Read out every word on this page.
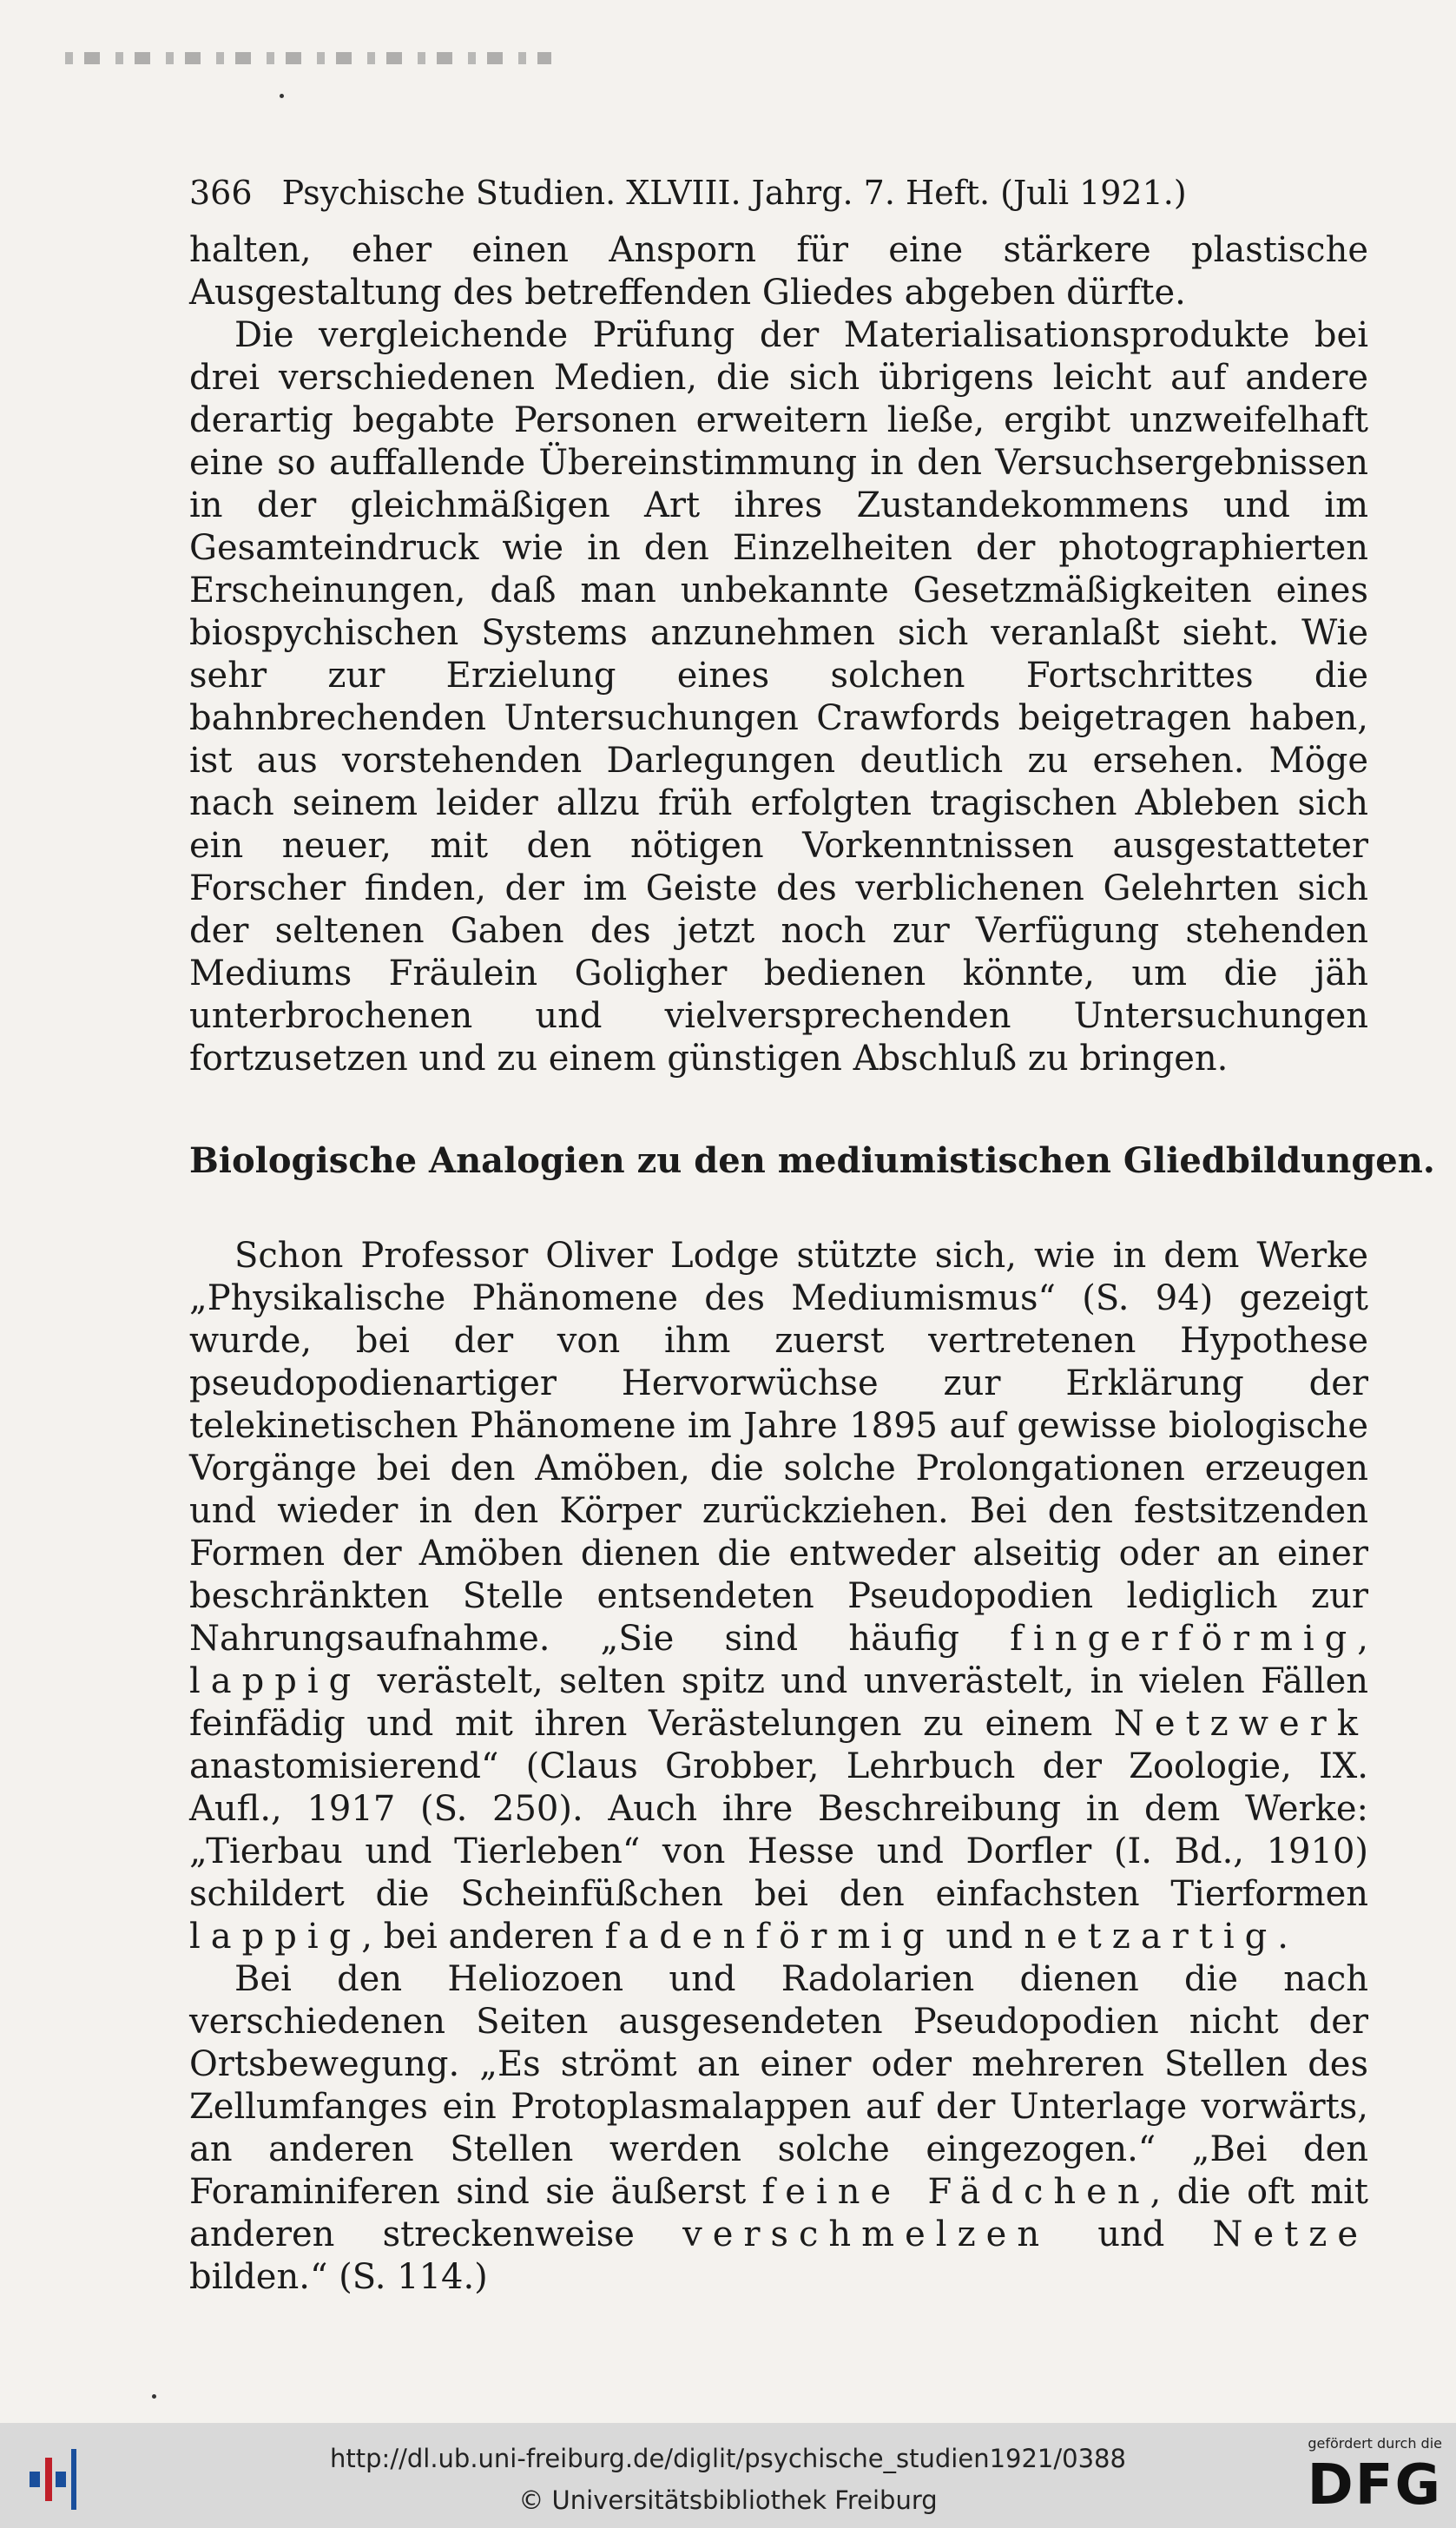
366 Psychische Studien. XLVIII. Jahrg. 7. Heft. (Juli 1921.)

halten, eher einen Ansporn für eine stärkere plastische Ausgestaltung des betreffenden Gliedes abgeben dürfte.

Die vergleichende Prüfung der Materialisationsprodukte bei drei verschiedenen Medien, die sich übrigens leicht auf andere derartig begabte Personen erweitern ließe, ergibt unzweifelhaft eine so auffallende Übereinstimmung in den Versuchsergebnissen in der gleichmäßigen Art ihres Zustandekommens und im Gesamteindruck wie in den Einzelheiten der photographierten Erscheinungen, daß man unbekannte Gesetzmäßigkeiten eines biospychischen Systems anzunehmen sich veranlaßt sieht. Wie sehr zur Erzielung eines solchen Fortschrittes die bahnbrechenden Untersuchungen Crawfords beigetragen haben, ist aus vorstehenden Darlegungen deutlich zu ersehen. Möge nach seinem leider allzu früh erfolgten tragischen Ableben sich ein neuer, mit den nötigen Vorkenntnissen ausgestatteter Forscher finden, der im Geiste des verblichenen Gelehrten sich der seltenen Gaben des jetzt noch zur Verfügung stehenden Mediums Fräulein Goligher bedienen könnte, um die jäh unterbrochenen und vielversprechenden Untersuchungen fortzusetzen und zu einem günstigen Abschluß zu bringen.

Biologische Analogien zu den mediumistischen Gliedbildungen.

Schon Professor Oliver Lodge stützte sich, wie in dem Werke „Physikalische Phänomene des Mediumismus“ (S. 94) gezeigt wurde, bei der von ihm zuerst vertretenen Hypothese pseudopodienartiger Hervorwüchse zur Erklärung der telekinetischen Phänomene im Jahre 1895 auf gewisse biologische Vorgänge bei den Amöben, die solche Prolongationen erzeugen und wieder in den Körper zurückziehen. Bei den festsitzenden Formen der Amöben dienen die entweder alseitig oder an einer beschränkten Stelle entsendeten Pseudopodien lediglich zur Nahrungsaufnahme. „Sie sind häufig fingerförmig, lappig verästelt, selten spitz und unverästelt, in vielen Fällen feinfädig und mit ihren Verästelungen zu einem Netzwerk anastomisierend“ (Claus Grobber, Lehrbuch der Zoologie, IX. Aufl., 1917 (S. 250). Auch ihre Beschreibung in dem Werke: „Tierbau und Tierleben“ von Hesse und Dorfler (I. Bd., 1910) schildert die Scheinfüßchen bei den einfachsten Tierformen lappig, bei anderen fadenförmig und netzartig.

Bei den Heliozoen und Radolarien dienen die nach verschiedenen Seiten ausgesendeten Pseudopodien nicht der Ortsbewegung. „Es strömt an einer oder mehreren Stellen des Zellumfanges ein Protoplasmalappen auf der Unterlage vorwärts, an anderen Stellen werden solche eingezogen.“ „Bei den Foraminiferen sind sie äußerst feine Fädchen, die oft mit anderen streckenweise verschmelzen und Netze bilden.“ (S. 114.)

http://dl.ub.uni-freiburg.de/diglit/psychische_studien1921/0388
© Universitätsbibliothek Freiburg
gefördert durch die
DFG
